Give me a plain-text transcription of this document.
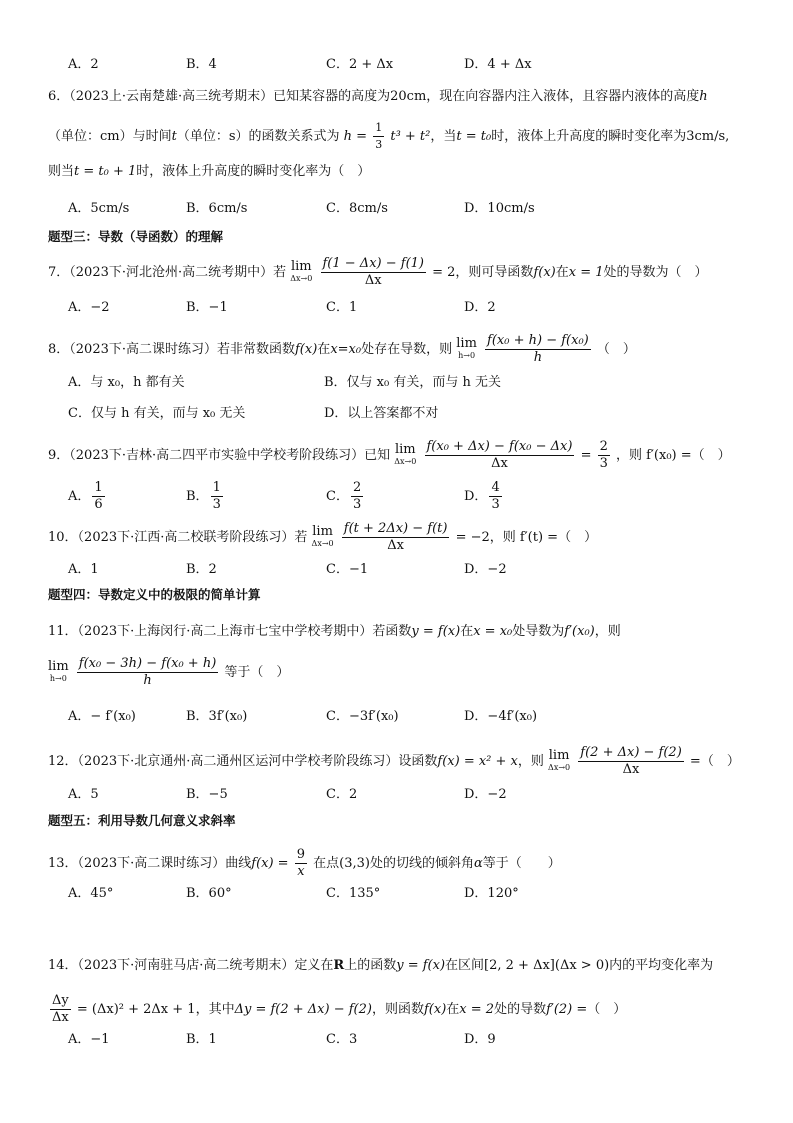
A．2	B．4	C．2 + Δx	D．4 + Δx
6．（2023上·云南楚雄·高三统考期末）已知某容器的高度为20cm，现在向容器内注入液体，且容器内液体的高度h
（单位：cm）与时间t（单位：s）的函数关系式为 $h = \frac{1}{3} t^3 + t^2$，当t = t₀时，液体上升高度的瞬时变化率为3cm/s,
则当t = t₀ + 1时，液体上升高度的瞬时变化率为（　）
A．5cm/s	B．6cm/s	C．8cm/s	D．10cm/s
题型三：导数（导函数）的理解
7．（2023下·河北沧州·高二统考期中）若 lim
Δx→0
$\frac{f(1 - \Delta x) - f(1)}{\Delta x} = 2$，则可导函数f(x)在x = 1处的导数为（　）
A．−2	B．−1	C．1	D．2
8．（2023下·高二课时练习）若非常数函数f(x)在x=x₀处存在导数，则 lim
h→0
$\frac{\text{f(x₀ + h) − f(x₀)}}{h}$ （　）
A．与 x₀，h 都有关	B．仅与 x₀ 有关，而与 h 无关
C．仅与 h 有关，而与 x₀ 无关	D．以上答案都不对
9．（2023下·吉林·高二四平市实验中学校考阶段练习）已知 lim
Δx→0
$\frac{\text{f(x₀ + Δx) − f(x₀ − Δx)}}{\Delta x} = \frac{2}{3}$ ，则 f′(x₀) =（　）
A． $\frac{1}{6}$	B． $\frac{1}{3}$	C． $\frac{2}{3}$	D． $\frac{4}{3}$
10．（2023下·江西·高二校联考阶段练习）若 lim
Δx→0
$\frac{f(t + 2\Delta x) - f(t)}{\Delta x} = -2$，则 f′(t) =（　）
A．1	B．2	C．−1	D．−2
题型四：导数定义中的极限的简单计算
11．（2023下·上海闵行·高二上海市七宝中学校考期中）若函数y = f(x)在x = x₀处导数为f′(x₀)，则
lim
h→0
$\frac{\text{f(x₀ − 3h) − f(x₀ + h)}}{h}$ 等于（　）
A．− f′(x₀)	B．3f′(x₀)	C．−3f′(x₀)	D．−4f′(x₀)
12．（2023下·北京通州·高二通州区运河中学校考阶段练习）设函数f(x) = x² + x，则 lim
Δx→0
$\frac{f(2 + \Delta x) - f(2)}{\Delta x}$ =（　）
A．5	B．−5	C．2	D．−2
题型五：利用导数几何意义求斜率
13．（2023下·高二课时练习）曲线$f(x) = \frac{9}{x}$ 在点(3,3)处的切线的倾斜角α等于（　　）
A．45°	B．60°	C．135°	D．120°
14．（2023下·河南驻马店·高二统考期末）定义在R上的函数y = f(x)在区间[2, 2 + Δx](Δx > 0)内的平均变化率为
$\frac{\Delta y}{\Delta x} = (\Delta x)^2 + 2\Delta x + 1$，其中Δy = f(2 + Δx) − f(2)，则函数f(x)在x = 2处的导数f′(2) =（　）
A．−1	B．1	C．3	D．9
